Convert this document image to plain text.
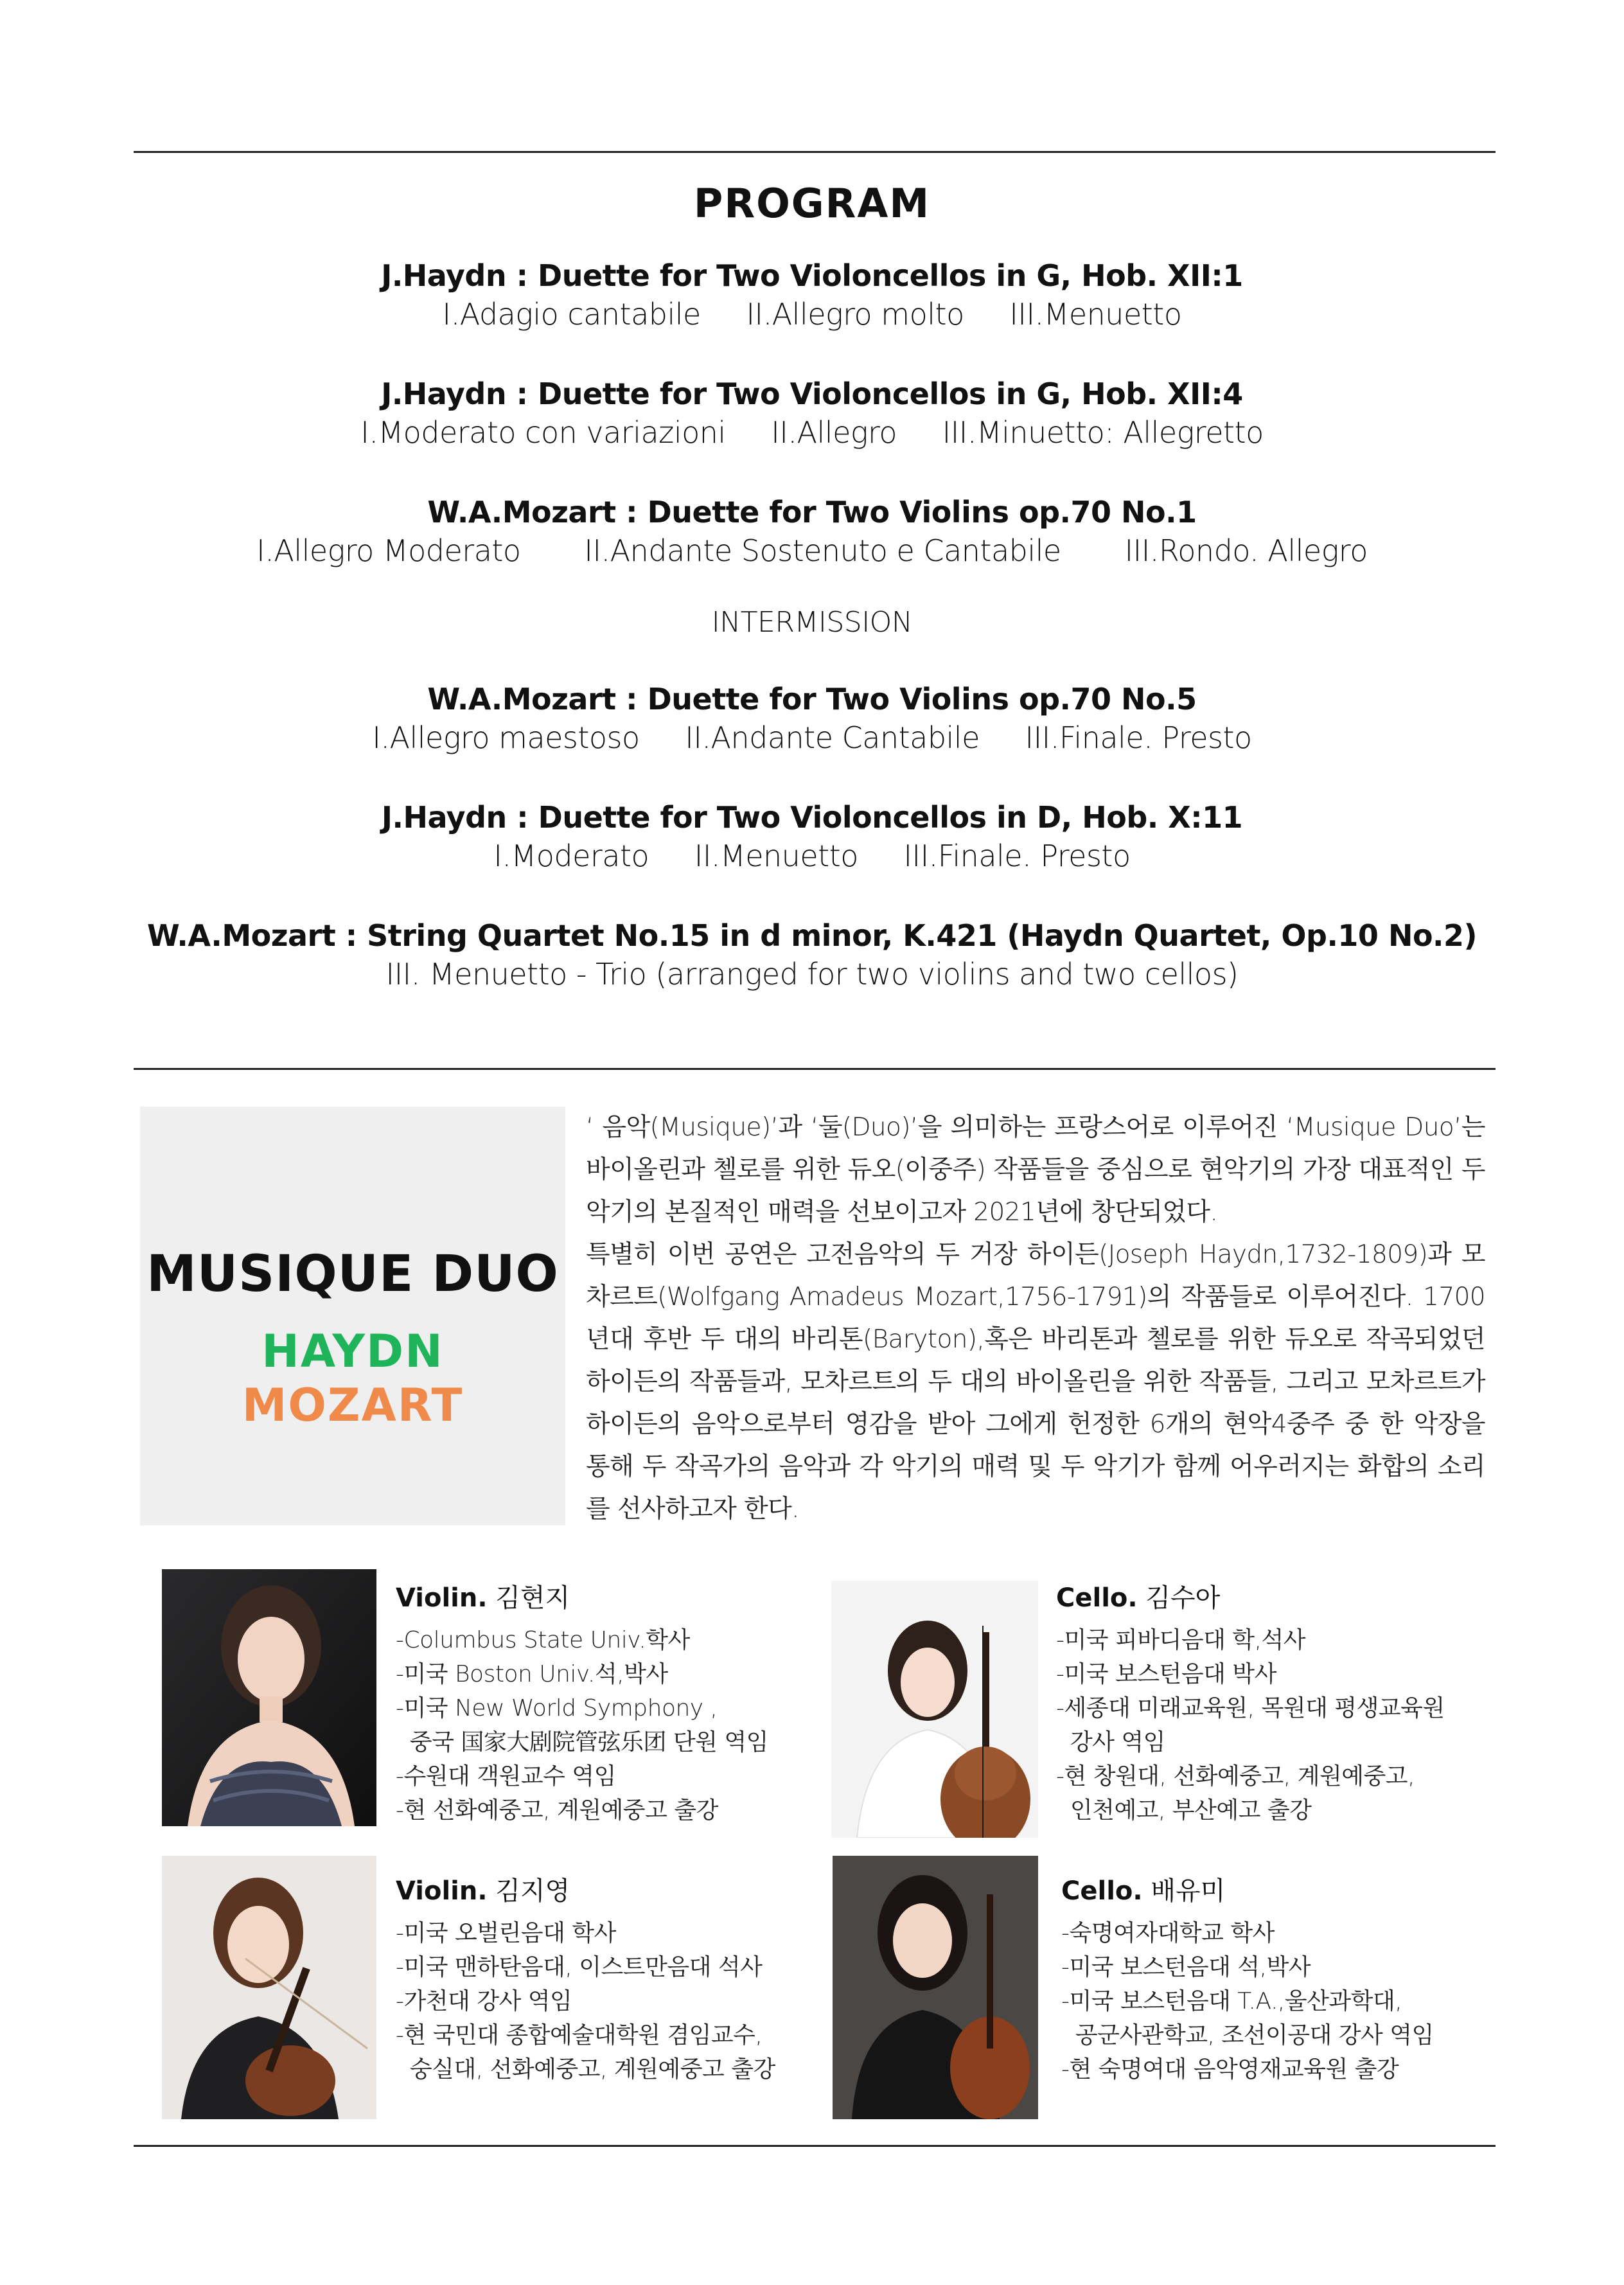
PROGRAM
J.Haydn : Duette for Two Violoncellos in G, Hob. XII:1
I.Adagio cantabile     II.Allegro molto     III.Menuetto
J.Haydn : Duette for Two Violoncellos in G, Hob. XII:4
I.Moderato con variazioni     II.Allegro     III.Minuetto: Allegretto
W.A.Mozart : Duette for Two Violins op.70 No.1
I.Allegro Moderato       II.Andante Sostenuto e Cantabile       III.Rondo. Allegro
INTERMISSION
W.A.Mozart : Duette for Two Violins op.70 No.5
I.Allegro maestoso     II.Andante Cantabile     III.Finale. Presto
J.Haydn : Duette for Two Violoncellos in D, Hob. X:11
I.Moderato     II.Menuetto     III.Finale. Presto
W.A.Mozart : String Quartet No.15 in d minor, K.421 (Haydn Quartet, Op.10 No.2)
III. Menuetto - Trio (arranged for two violins and two cellos)
MUSIQUE DUO
HAYDN
MOZART

‘ 음악(Musique)’과 ‘둘(Duo)’을 의미하는 프랑스어로 이루어진 ‘Musique Duo’는 바이올린과 첼로를 위한 듀오(이중주) 작품들을 중심으로 현악기의 가장 대표적인 두 악기의 본질적인 매력을 선보이고자 2021년에 창단되었다.

특별히 이번 공연은 고전음악의 두 거장 하이든(Joseph Haydn,1732-1809)과 모차르트(Wolfgang Amadeus Mozart,1756-1791)의 작품들로 이루어진다. 1700년대 후반 두 대의 바리톤(Baryton),혹은 바리톤과 첼로를 위한 듀오로 작곡되었던 하이든의 작품들과, 모차르트의 두 대의 바이올린을 위한 작품들, 그리고 모차르트가 하이든의 음악으로부터 영감을 받아 그에게 헌정한 6개의 현악4중주 중 한 악장을 통해 두 작곡가의 음악과 각 악기의 매력 및 두 악기가 함께 어우러지는 화합의 소리를 선사하고자 한다.

Violin. 김현지
-Columbus State Univ.학사
-미국 Boston Univ.석,박사
-미국 New World Symphony ,
중국 国家大剧院管弦乐团 단원 역임
-수원대 객원교수 역임
-현 선화예중고, 계원예중고 출강
Cello. 김수아
-미국 피바디음대 학,석사
-미국 보스턴음대 박사
-세종대 미래교육원, 목원대 평생교육원
강사 역임
-현 창원대, 선화예중고, 계원예중고,
인천예고, 부산예고 출강
Violin. 김지영
-미국 오벌린음대 학사
-미국 맨하탄음대, 이스트만음대 석사
-가천대 강사 역임
-현 국민대 종합예술대학원 겸임교수,
숭실대, 선화예중고, 계원예중고 출강
Cello. 배유미
-숙명여자대학교 학사
-미국 보스턴음대 석,박사
-미국 보스턴음대 T.A.,울산과학대,
공군사관학교, 조선이공대 강사 역임
-현 숙명여대 음악영재교육원 출강
